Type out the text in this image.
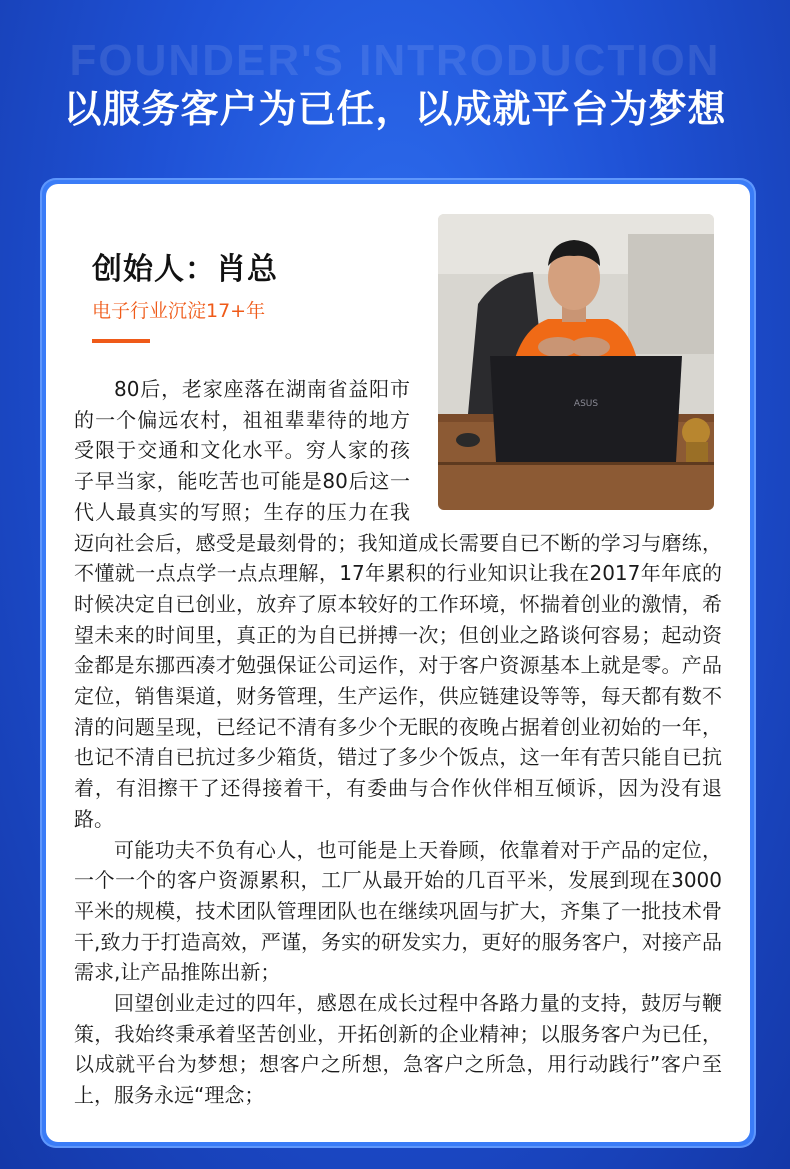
FOUNDER'S INTRODUCTION
以服务客户为已任，以成就平台为梦想
创始人：肖总
电子行业沉淀17+年
ASUS

80后，老家座落在湖南省益阳市的一个偏远农村，祖祖辈辈待的地方受限于交通和文化水平。穷人家的孩子早当家，能吃苦也可能是80后这一代人最真实的写照；生存的压力在我迈向社会后，感受是最刻骨的；我知道成长需要自已不断的学习与磨练，不懂就一点点学一点点理解，17年累积的行业知识让我在2017年年底的时候决定自已创业，放弃了原本较好的工作环境，怀揣着创业的激情，希望未来的时间里，真正的为自已拼搏一次；但创业之路谈何容易；起动资金都是东挪西凑才勉强保证公司运作，对于客户资源基本上就是零。产品定位，销售渠道，财务管理，生产运作，供应链建设等等，每天都有数不清的问题呈现，已经记不清有多少个无眠的夜晚占据着创业初始的一年，也记不清自已抗过多少箱货，错过了多少个饭点，这一年有苦只能自已抗着，有泪擦干了还得接着干，有委曲与合作伙伴相互倾诉，因为没有退路。

可能功夫不负有心人，也可能是上天眷顾，依靠着对于产品的定位，一个一个的客户资源累积，工厂从最开始的几百平米，发展到现在3000平米的规模，技术团队管理团队也在继续巩固与扩大，齐集了一批技术骨干,致力于打造高效，严谨，务实的研发实力，更好的服务客户，对接产品需求,让产品推陈出新；

回望创业走过的四年，感恩在成长过程中各路力量的支持，鼓厉与鞭策，我始终秉承着坚苦创业，开拓创新的企业精神；以服务客户为已任，以成就平台为梦想；想客户之所想，急客户之所急，用行动践行”客户至上，服务永远“理念；
